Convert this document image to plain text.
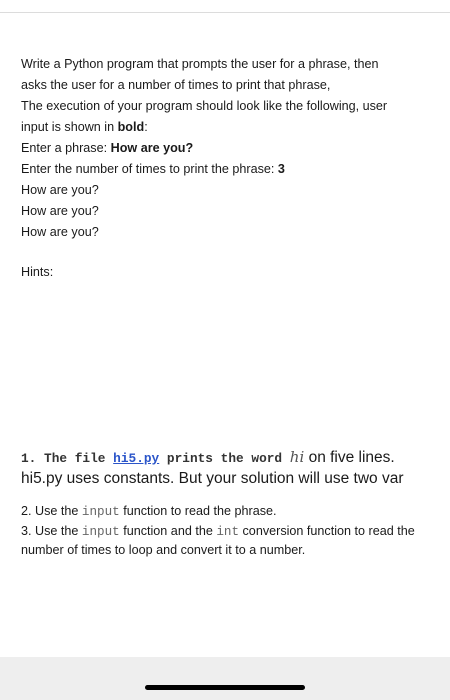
Write a Python program that prompts the user for a phrase, then
asks the user for a number of times to print that phrase,
The execution of your program should look like the following, user
input is shown in bold:
Enter a phrase: How are you?
Enter the number of times to print the phrase: 3
How are you?
How are you?
How are you?
Hints:
1. The file hi5.py prints the word hi on five lines.
hi5.py uses constants. But your solution will use two var
2. Use the input function to read the phrase.
3. Use the input function and the int conversion function to read the number of times to loop and convert it to a number.
